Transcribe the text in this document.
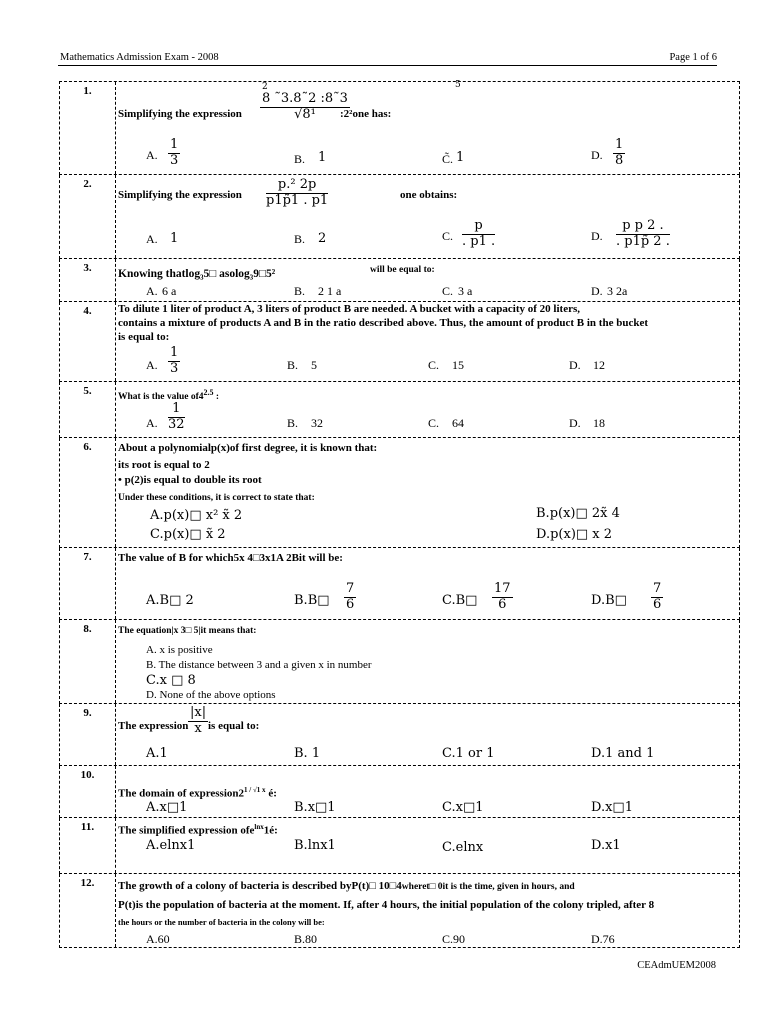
Mathematics Admission Exam - 2008	Page 1 of 6
1.
Simplifying the expression
2	5
$\frac{8 ˜3.8˜2 :8˜3}{\text{√8¹}}$
:2²one has:
A. $\frac{1}{3}$	B. 1	C̃. 1	D. $\frac{1}{8}$
2.
Simplifying the expression $\frac{\text{p.² 2p}}{p1p̃1 . p1}$	one obtains:
A. 1	B. 2	C. $\frac{p}{. p1 .}$	D. $\frac{\text{p p 2 .}}{. p1p̃ 2 .}$
3.	Knowing thatlog₃5□ asolog₃9□5²	will be equal to:
A. 6 a	B. 2 1 a	C. 3 a	D. 3 2a
4.	To dilute 1 liter of product A, 3 liters of product B are needed. A bucket with a capacity of 20 liters,
contains a mixture of products A and B in the ratio described above. Thus, the amount of product B in the bucket
is equal to:
A. $\frac{1}{3}$	B. 5	C. 15	D. 12
5.
What is the value $of4^{2.5}$ :
A. $\frac{1}{32}$	B. 32	C. 64	D. 18
6.	About a polynomialp(x)of first degree, it is known that:
its root is equal to 2
• p(2)is equal to double its root
Under these conditions, it is correct to state that:
A.p(x)□ x² x̃ 2	B.p(x)□ 2x̃ 4
C.p(x)□ x̃ 2	D.p(x)□ x 2
7.	The value of B for which5x 4□3x1A 2Bit will be:
A.B□ 2	B.B□ $\frac{7}{6}$	C.B□ $\frac{17}{6}$	D.B□ $\frac{7}{6}$
8.	The equation|x 3□ 5|it means that:
A. x is positive
B. The distance between 3 and a given x in number
C.x □ 8
D. None of the above options
9.
The expression $\frac{|x|}{x}$ is equal to:
A.1	B. 1	C.1 or 1	D.1 and 1
10.
The domain of $expression2^{1 / √1 x}$ é:
A.x□1	B.x□1	C.x□1	D.x□1
11.	The simplified expression ofe$^{lnx}$1é:
A.elnx1	B.lnx1	C.elnx	D.x1
12.	The growth of a colony of bacteria is described byP(t)□ 10□4wheret□ 0it is the time, given in hours, and
P(t)is the population of bacteria at the moment. If, after 4 hours, the initial population of the colony tripled, after 8
the hours or the number of bacteria in the colony will be:
A.60	B.80	C.90	D.76
CEAdmUEM2008
